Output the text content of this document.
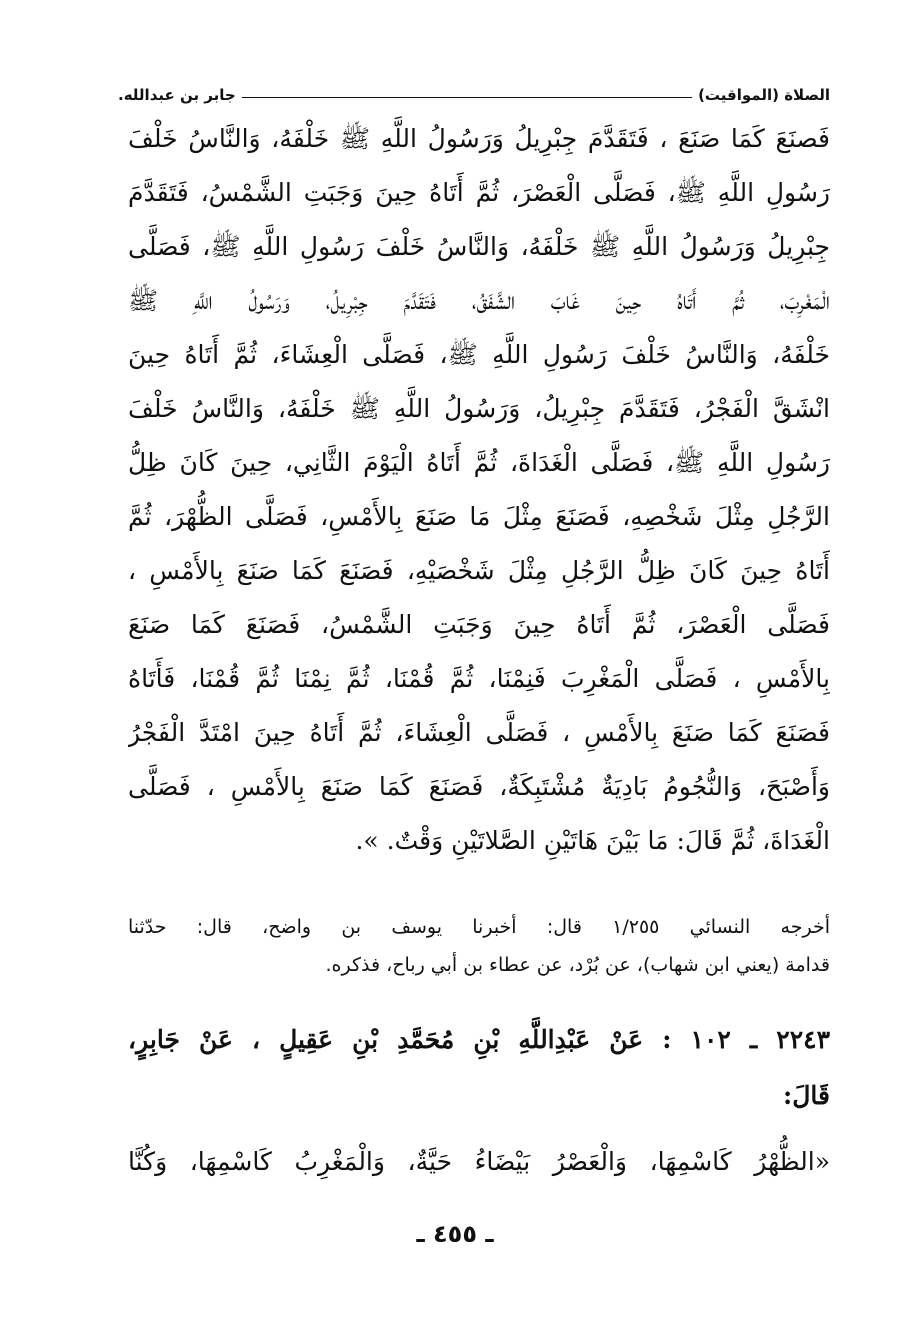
الصلاة (المواقيت)
جابر بن عبدالله.
فَصنَعَ كَمَا صَنَعَ ، فَتَقَدَّمَ جِبْرِيلُ وَرَسُولُ اللَّهِ ﷺ خَلْفَهُ، وَالنَّاسُ خَلْفَ
رَسُولِ اللَّهِ ﷺ، فَصَلَّى الْعَصْرَ، ثُمَّ أَتَاهُ حِينَ وَجَبَتِ الشَّمْسُ، فَتَقَدَّمَ
جِبْرِيلُ وَرَسُولُ اللَّهِ ﷺ خَلْفَهُ، وَالنَّاسُ خَلْفَ رَسُولِ اللَّهِ ﷺ، فَصَلَّى
الْمَغْرِبَ، ثُمَّ أَتَاهُ حِينَ غَابَ الشَّفَقُ، فَتَقَدَّمَ جِبْرِيلُ، وَرَسُولُ اللَّهِ ﷺ
خَلْفَهُ، وَالنَّاسُ خَلْفَ رَسُولِ اللَّهِ ﷺ، فَصَلَّى الْعِشَاءَ، ثُمَّ أَتَاهُ حِينَ
انْشَقَّ الْفَجْرُ، فَتَقَدَّمَ جِبْرِيلُ، وَرَسُولُ اللَّهِ ﷺ خَلْفَهُ، وَالنَّاسُ خَلْفَ
رَسُولِ اللَّهِ ﷺ، فَصَلَّى الْغَدَاةَ، ثُمَّ أَتَاهُ الْيَوْمَ الثَّانِي، حِينَ كَانَ ظِلُّ
الرَّجُلِ مِثْلَ شَخْصِهِ، فَصَنَعَ مِثْلَ مَا صَنَعَ بِالأَمْسِ، فَصَلَّى الظُّهْرَ، ثُمَّ
أَتَاهُ حِينَ كَانَ ظِلُّ الرَّجُلِ مِثْلَ شَخْصَيْهِ، فَصَنَعَ كَمَا صَنَعَ بِالأَمْسِ ،
فَصَلَّى الْعَصْرَ، ثُمَّ أَتَاهُ حِينَ وَجَبَتِ الشَّمْسُ، فَصَنَعَ كَمَا صَنَعَ
بِالأَمْسِ ، فَصَلَّى الْمَغْرِبَ فَنِمْنَا، ثُمَّ قُمْنَا، ثُمَّ نِمْنَا ثُمَّ قُمْنَا، فَأَتَاهُ
فَصَنَعَ كَمَا صَنَعَ بِالأَمْسِ ، فَصَلَّى الْعِشَاءَ، ثُمَّ أَتَاهُ حِينَ امْتَدَّ الْفَجْرُ
وَأَصْبَحَ، وَالنُّجُومُ بَادِيَةٌ مُشْتَبِكَةٌ، فَصَنَعَ كَمَا صَنَعَ بِالأَمْسِ ، فَصَلَّى
الْغَدَاةَ، ثُمَّ قَالَ: مَا بَيْنَ هَاتَيْنِ الصَّلاتَيْنِ وَقْتٌ. ».
أخرجه النسائي ١/٢٥٥ قال: أخبرنا يوسف بن واضح، قال: حدّثنا
قدامة (يعني ابن شهاب)، عن بُرْد، عن عطاء بن أبي رباح، فذكره.
٢٢٤٣ ـ ١٠٢ : عَنْ عَبْدِاللَّهِ بْنِ مُحَمَّدِ بْنِ عَقِيلٍ ، عَنْ جَابِرٍ،
قَالَ:
«الظُّهْرُ كَاسْمِهَا، وَالْعَصْرُ بَيْضَاءُ حَيَّةٌ، وَالْمَغْرِبُ كَاسْمِهَا، وَكُنَّا
ـ ٤٥٥ ـ
